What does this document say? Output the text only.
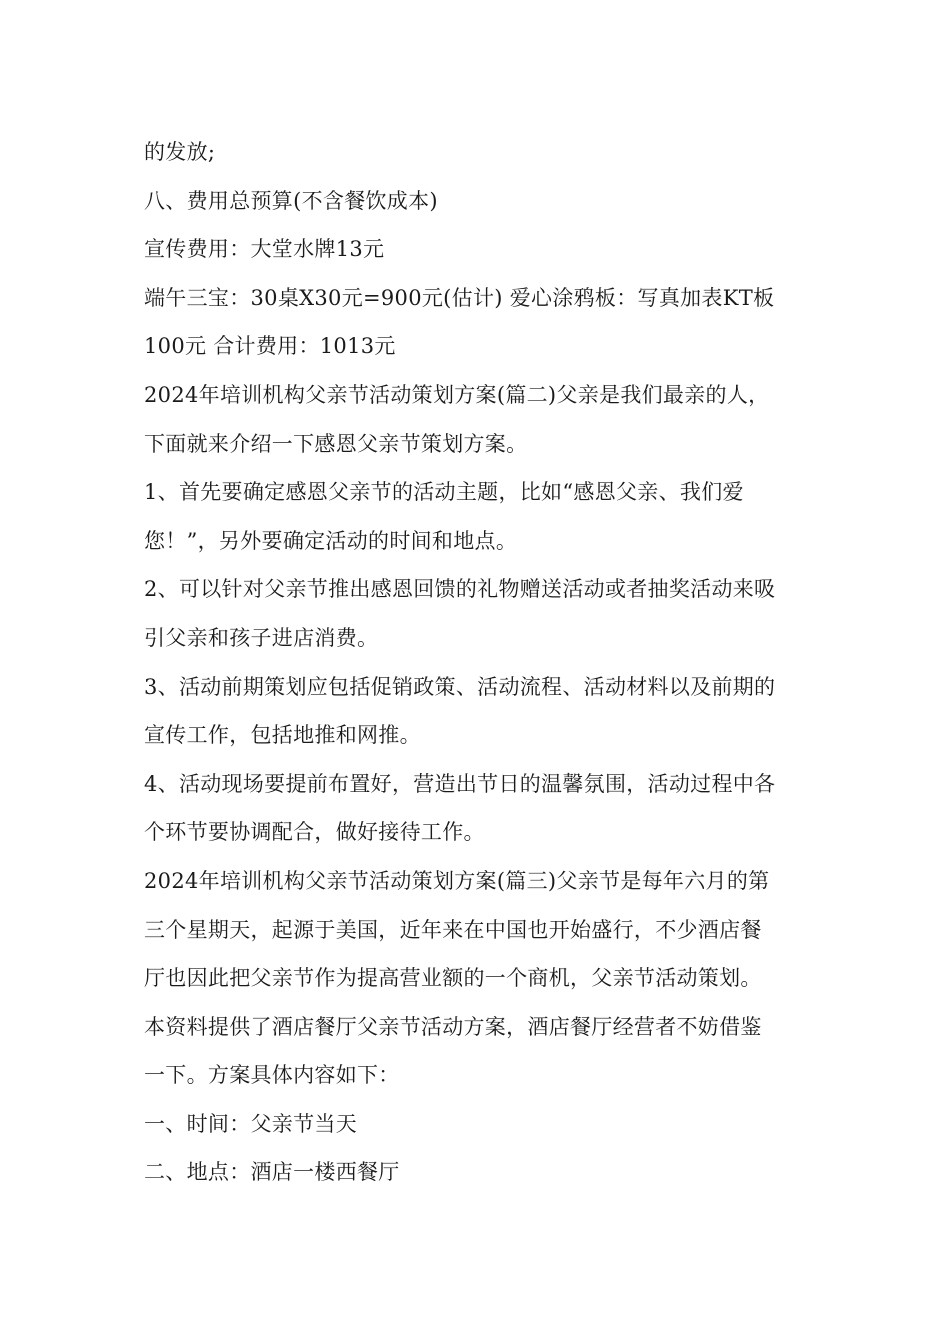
的发放;

八、费用总预算(不含餐饮成本)

宣传费用：大堂水牌13元

端午三宝：30桌X30元=900元(估计) 爱心涂鸦板：写真加表KT板

100元 合计费用：1013元

2024年培训机构父亲节活动策划方案(篇二)父亲是我们最亲的人，

下面就来介绍一下感恩父亲节策划方案。

1、首先要确定感恩父亲节的活动主题，比如“感恩父亲、我们爱

您！”，另外要确定活动的时间和地点。

2、可以针对父亲节推出感恩回馈的礼物赠送活动或者抽奖活动来吸

引父亲和孩子进店消费。

3、活动前期策划应包括促销政策、活动流程、活动材料以及前期的

宣传工作，包括地推和网推。

4、活动现场要提前布置好，营造出节日的温馨氛围，活动过程中各

个环节要协调配合，做好接待工作。

2024年培训机构父亲节活动策划方案(篇三)父亲节是每年六月的第

三个星期天，起源于美国，近年来在中国也开始盛行，不少酒店餐

厅也因此把父亲节作为提高营业额的一个商机，父亲节活动策划。

本资料提供了酒店餐厅父亲节活动方案，酒店餐厅经营者不妨借鉴

一下。方案具体内容如下：

一、时间：父亲节当天

二、地点：酒店一楼西餐厅
